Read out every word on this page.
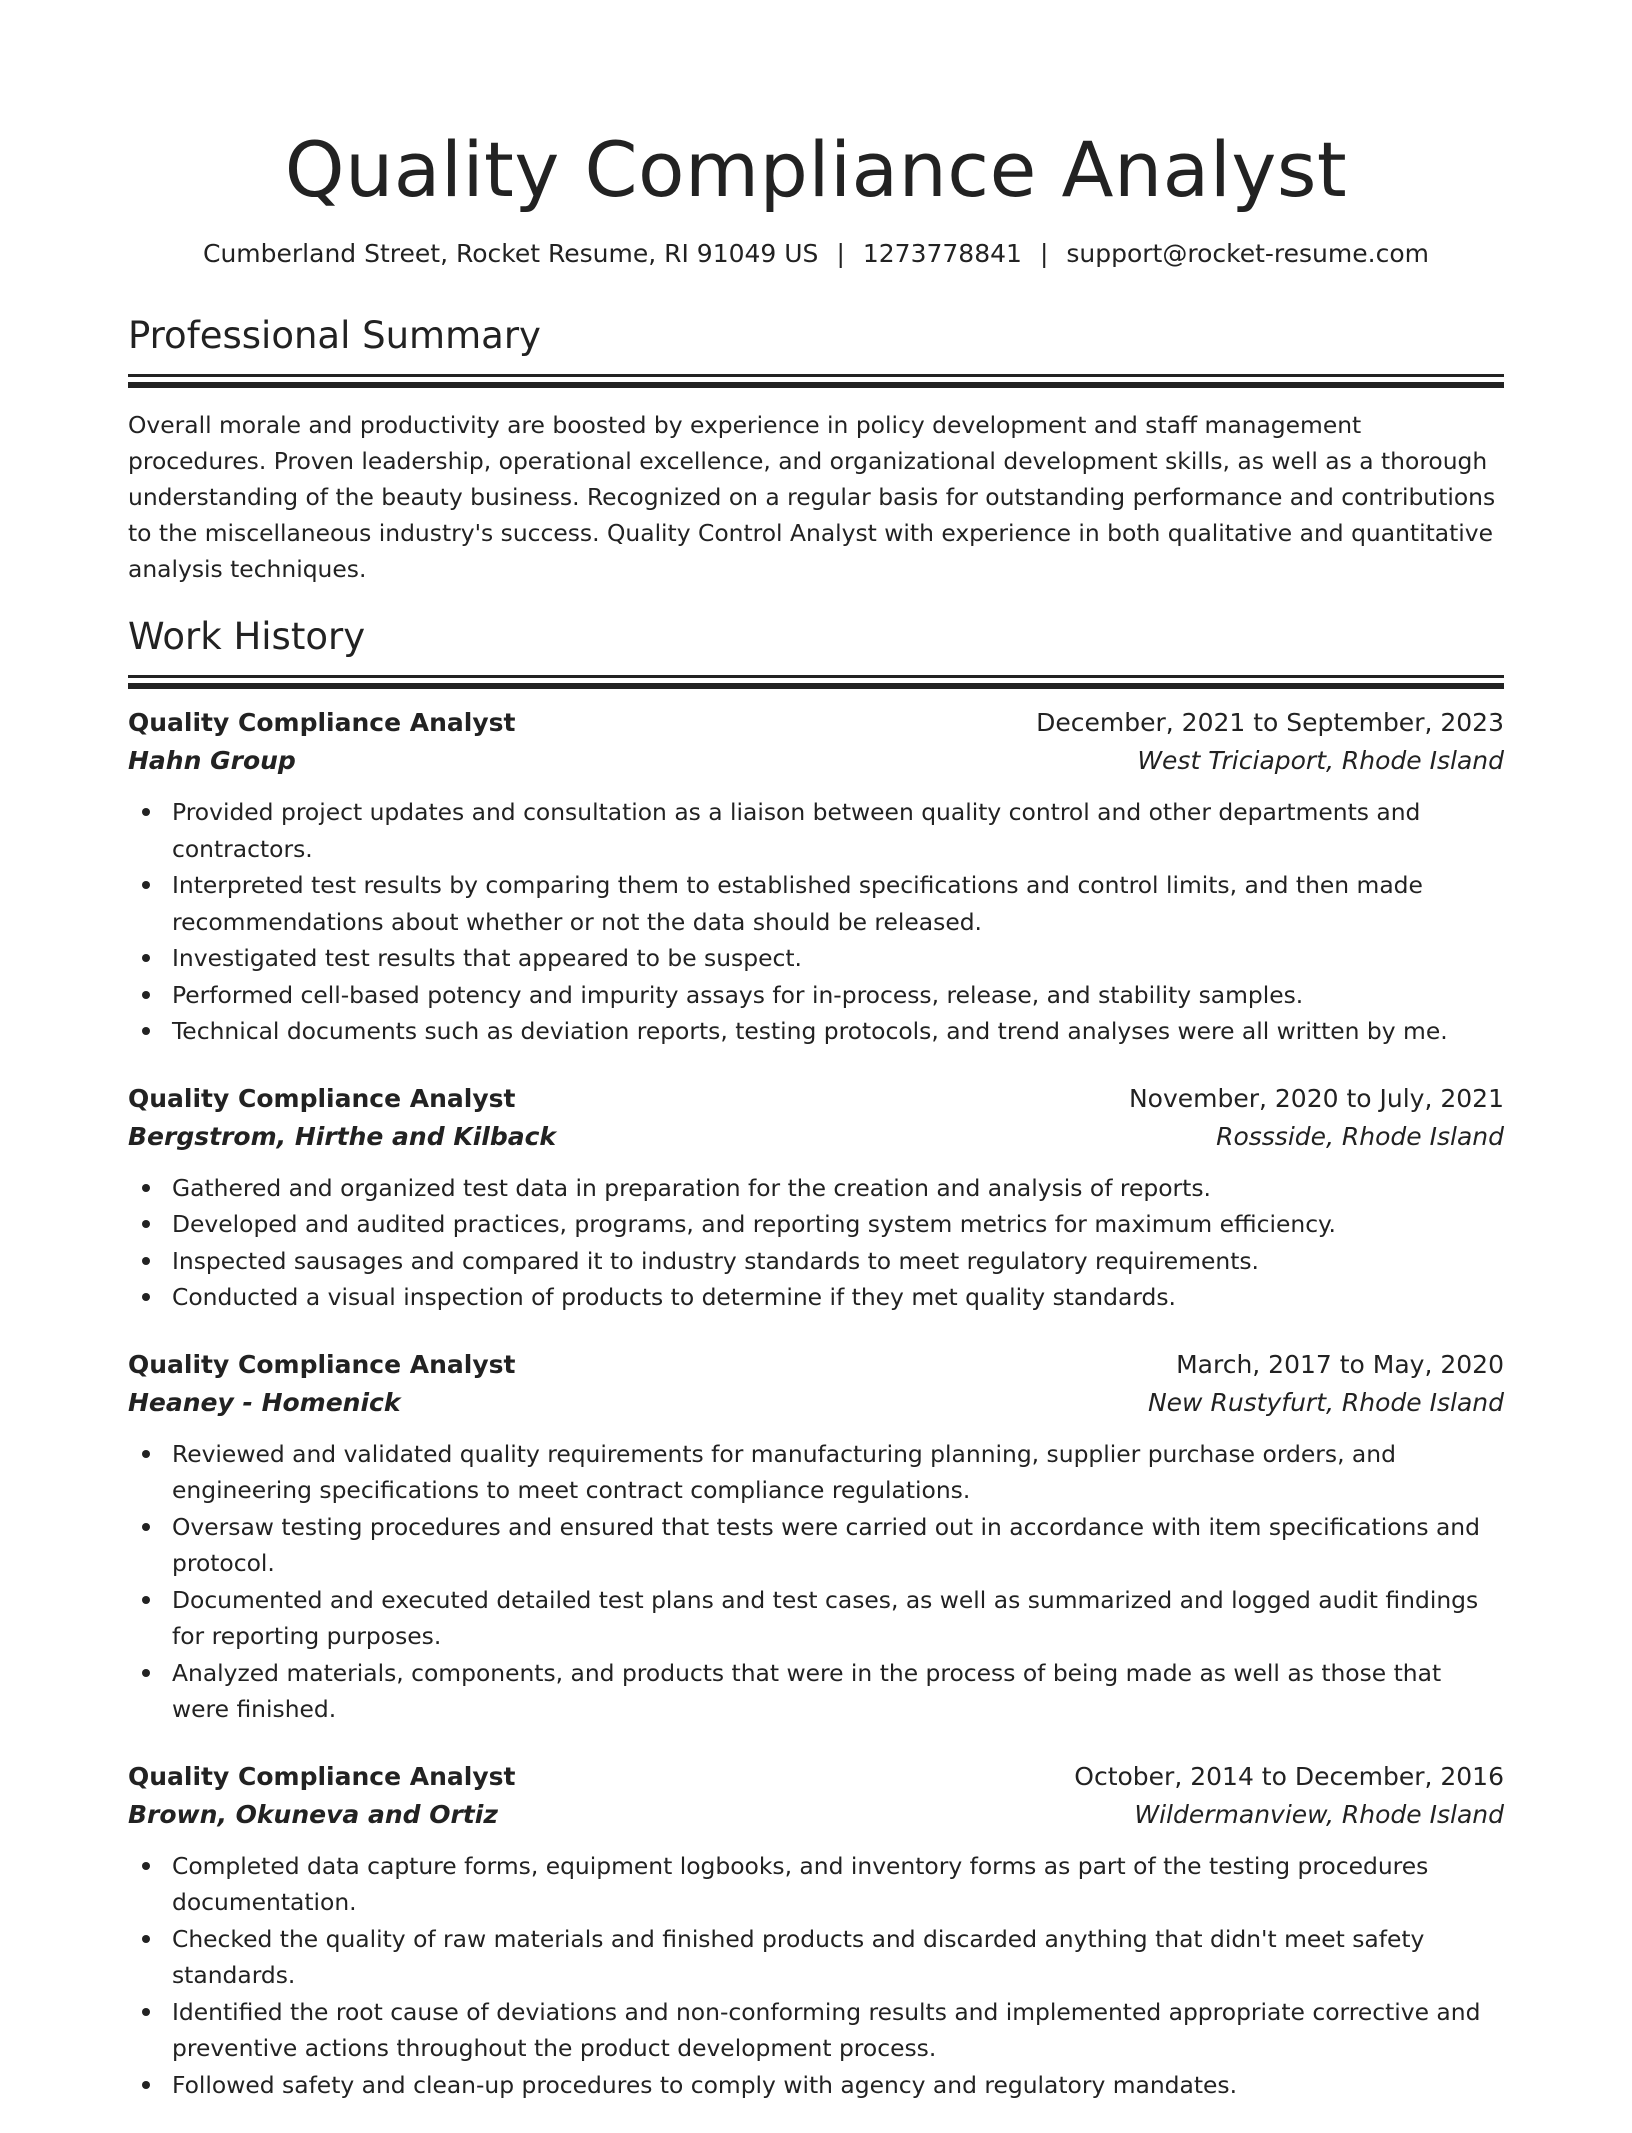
Quality Compliance Analyst
Cumberland Street, Rocket Resume, RI 91049 US | 1273778841 | support@rocket-resume.com
Professional Summary

Overall morale and productivity are boosted by experience in policy development and staff management procedures. Proven leadership, operational excellence, and organizational development skills, as well as a thorough understanding of the beauty business. Recognized on a regular basis for outstanding performance and contributions to the miscellaneous industry's success. Quality Control Analyst with experience in both qualitative and quantitative analysis techniques.

Work History
Quality Compliance Analyst	December, 2021 to September, 2023
Hahn Group	West Triciaport, Rhode Island
Provided project updates and consultation as a liaison between quality control and other departments and contractors.
Interpreted test results by comparing them to established specifications and control limits, and then made recommendations about whether or not the data should be released.
Investigated test results that appeared to be suspect.
Performed cell-based potency and impurity assays for in-process, release, and stability samples.
Technical documents such as deviation reports, testing protocols, and trend analyses were all written by me.
Quality Compliance Analyst	November, 2020 to July, 2021
Bergstrom, Hirthe and Kilback	Rossside, Rhode Island
Gathered and organized test data in preparation for the creation and analysis of reports.
Developed and audited practices, programs, and reporting system metrics for maximum efficiency.
Inspected sausages and compared it to industry standards to meet regulatory requirements.
Conducted a visual inspection of products to determine if they met quality standards.
Quality Compliance Analyst	March, 2017 to May, 2020
Heaney - Homenick	New Rustyfurt, Rhode Island
Reviewed and validated quality requirements for manufacturing planning, supplier purchase orders, and engineering specifications to meet contract compliance regulations.
Oversaw testing procedures and ensured that tests were carried out in accordance with item specifications and protocol.
Documented and executed detailed test plans and test cases, as well as summarized and logged audit findings for reporting purposes.
Analyzed materials, components, and products that were in the process of being made as well as those that were finished.
Quality Compliance Analyst	October, 2014 to December, 2016
Brown, Okuneva and Ortiz	Wildermanview, Rhode Island
Completed data capture forms, equipment logbooks, and inventory forms as part of the testing procedures documentation.
Checked the quality of raw materials and finished products and discarded anything that didn't meet safety standards.
Identified the root cause of deviations and non-conforming results and implemented appropriate corrective and preventive actions throughout the product development process.
Followed safety and clean-up procedures to comply with agency and regulatory mandates.
